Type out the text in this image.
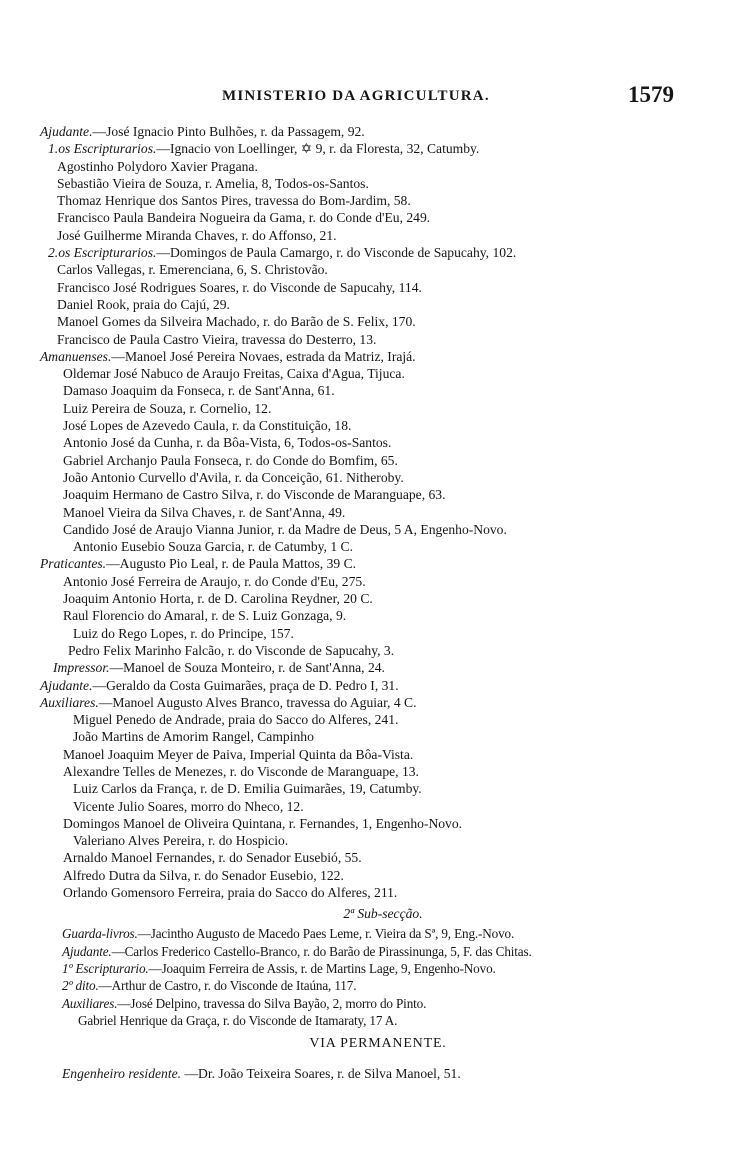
MINISTERIO DA AGRICULTURA.	1579
Ajudante.—José Ignacio Pinto Bulhões, r. da Passagem, 92.
1.os Escripturarios.—Ignacio von Loellinger, ✡ 9, r. da Floresta, 32, Catumby.
Agostinho Polydoro Xavier Pragana.
Sebastião Vieira de Souza, r. Amelia, 8, Todos-os-Santos.
Thomaz Henrique dos Santos Pires, travessa do Bom-Jardim, 58.
Francisco Paula Bandeira Nogueira da Gama, r. do Conde d'Eu, 249.
José Guilherme Miranda Chaves, r. do Affonso, 21.
2.os Escripturarios.—Domingos de Paula Camargo, r. do Visconde de Sapucahy, 102.
Carlos Vallegas, r. Emerenciana, 6, S. Christovão.
Francisco José Rodrigues Soares, r. do Visconde de Sapucahy, 114.
Daniel Rook, praia do Cajú, 29.
Manoel Gomes da Silveira Machado, r. do Barão de S. Felix, 170.
Francisco de Paula Castro Vieira, travessa do Desterro, 13.
Amanuenses.—Manoel José Pereira Novaes, estrada da Matriz, Irajá.
Oldemar José Nabuco de Araujo Freitas, Caixa d'Agua, Tijuca.
Damaso Joaquim da Fonseca, r. de Sant'Anna, 61.
Luiz Pereira de Souza, r. Cornelio, 12.
José Lopes de Azevedo Caula, r. da Constituição, 18.
Antonio José da Cunha, r. da Bôa-Vista, 6, Todos-os-Santos.
Gabriel Archanjo Paula Fonseca, r. do Conde do Bomfim, 65.
João Antonio Curvello d'Avila, r. da Conceição, 61. Nitheroby.
Joaquim Hermano de Castro Silva, r. do Visconde de Maranguape, 63.
Manoel Vieira da Silva Chaves, r. de Sant'Anna, 49.
Candido José de Araujo Vianna Junior, r. da Madre de Deus, 5 A, Engenho-Novo.
Antonio Eusebio Souza Garcia, r. de Catumby, 1 C.
Praticantes.—Augusto Pio Leal, r. de Paula Mattos, 39 C.
Antonio José Ferreira de Araujo, r. do Conde d'Eu, 275.
Joaquim Antonio Horta, r. de D. Carolina Reydner, 20 C.
Raul Florencio do Amaral, r. de S. Luiz Gonzaga, 9.
Luiz do Rego Lopes, r. do Principe, 157.
Pedro Felix Marinho Falcão, r. do Visconde de Sapucahy, 3.
Impressor.—Manoel de Souza Monteiro, r. de Sant'Anna, 24.
Ajudante.—Geraldo da Costa Guimarães, praça de D. Pedro I, 31.
Auxiliares.—Manoel Augusto Alves Branco, travessa do Aguiar, 4 C.
Miguel Penedo de Andrade, praia do Sacco do Alferes, 241.
João Martins de Amorim Rangel, Campinho
Manoel Joaquim Meyer de Paiva, Imperial Quinta da Bôa-Vista.
Alexandre Telles de Menezes, r. do Visconde de Maranguape, 13.
Luiz Carlos da França, r. de D. Emilia Guimarães, 19, Catumby.
Vicente Julio Soares, morro do Nheco, 12.
Domingos Manoel de Oliveira Quintana, r. Fernandes, 1, Engenho-Novo.
Valeriano Alves Pereira, r. do Hospicio.
Arnaldo Manoel Fernandes, r. do Senador Eusebió, 55.
Alfredo Dutra da Silva, r. do Senador Eusebio, 122.
Orlando Gomensoro Ferreira, praia do Sacco do Alferes, 211.
2ª Sub-secção.
Guarda-livros.—Jacintho Augusto de Macedo Paes Leme, r. Vieira da Sª, 9, Eng.-Novo.
Ajudante.—Carlos Frederico Castello-Branco, r. do Barão de Pirassinunga, 5, F. das Chitas.
1º Escripturario.—Joaquim Ferreira de Assis, r. de Martins Lage, 9, Engenho-Novo.
2º dito.—Arthur de Castro, r. do Visconde de Itaúna, 117.
Auxiliares.—José Delpino, travessa do Silva Bayão, 2, morro do Pinto.
Gabriel Henrique da Graça, r. do Visconde de Itamaraty, 17 A.
VIA PERMANENTE.
Engenheiro residente. —Dr. João Teixeira Soares, r. de Silva Manoel, 51.
